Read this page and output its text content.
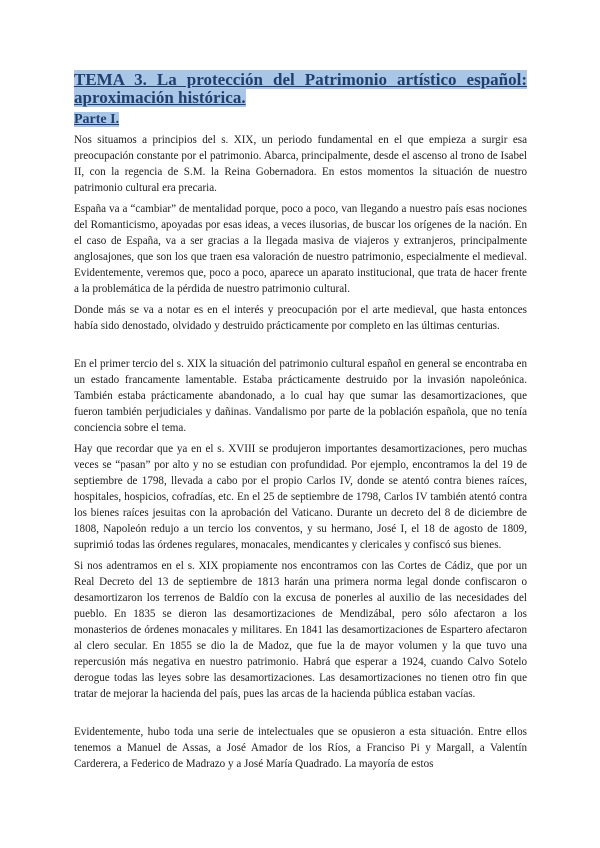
TEMA 3. La protección del Patrimonio artístico español: aproximación histórica.
Parte I.

Nos situamos a principios del s. XIX, un periodo fundamental en el que empieza a surgir esa preocupación constante por el patrimonio. Abarca, principalmente, desde el ascenso al trono de Isabel II, con la regencia de S.M. la Reina Gobernadora. En estos momentos la situación de nuestro patrimonio cultural era precaria.

España va a “cambiar” de mentalidad porque, poco a poco, van llegando a nuestro país esas nociones del Romanticismo, apoyadas por esas ideas, a veces ilusorias, de buscar los orígenes de la nación. En el caso de España, va a ser gracias a la llegada masiva de viajeros y extranjeros, principalmente anglosajones, que son los que traen esa valoración de nuestro patrimonio, especialmente el medieval. Evidentemente, veremos que, poco a poco, aparece un aparato institucional, que trata de hacer frente a la problemática de la pérdida de nuestro patrimonio cultural.

Donde más se va a notar es en el interés y preocupación por el arte medieval, que hasta entonces había sido denostado, olvidado y destruido prácticamente por completo en las últimas centurias.

En el primer tercio del s. XIX la situación del patrimonio cultural español en general se encontraba en un estado francamente lamentable. Estaba prácticamente destruido por la invasión napoleónica. También estaba prácticamente abandonado, a lo cual hay que sumar las desamortizaciones, que fueron también perjudiciales y dañinas. Vandalismo por parte de la población española, que no tenía conciencia sobre el tema.

Hay que recordar que ya en el s. XVIII se produjeron importantes desamortizaciones, pero muchas veces se “pasan” por alto y no se estudian con profundidad. Por ejemplo, encontramos la del 19 de septiembre de 1798, llevada a cabo por el propio Carlos IV, donde se atentó contra bienes raíces, hospitales, hospicios, cofradías, etc. En el 25 de septiembre de 1798, Carlos IV también atentó contra los bienes raíces jesuitas con la aprobación del Vaticano. Durante un decreto del 8 de diciembre de 1808, Napoleón redujo a un tercio los conventos, y su hermano, José I, el 18 de agosto de 1809, suprimió todas las órdenes regulares, monacales, mendicantes y clericales y confiscó sus bienes.

Si nos adentramos en el s. XIX propiamente nos encontramos con las Cortes de Cádiz, que por un Real Decreto del 13 de septiembre de 1813 harán una primera norma legal donde confiscaron o desamortizaron los terrenos de Baldío con la excusa de ponerles al auxilio de las necesidades del pueblo. En 1835 se dieron las desamortizaciones de Mendizábal, pero sólo afectaron a los monasterios de órdenes monacales y militares. En 1841 las desamortizaciones de Espartero afectaron al clero secular. En 1855 se dio la de Madoz, que fue la de mayor volumen y la que tuvo una repercusión más negativa en nuestro patrimonio. Habrá que esperar a 1924, cuando Calvo Sotelo derogue todas las leyes sobre las desamortizaciones. Las desamortizaciones no tienen otro fin que tratar de mejorar la hacienda del país, pues las arcas de la hacienda pública estaban vacías.

Evidentemente, hubo toda una serie de intelectuales que se opusieron a esta situación. Entre ellos tenemos a Manuel de Assas, a José Amador de los Ríos, a Franciso Pi y Margall, a Valentín Carderera, a Federico de Madrazo y a José María Quadrado. La mayoría de estos
